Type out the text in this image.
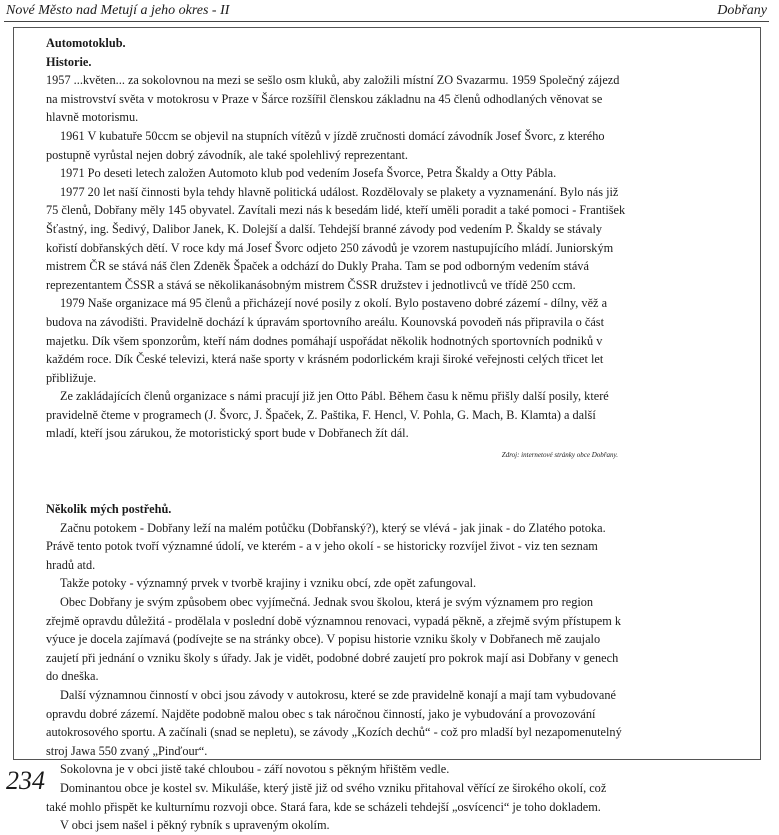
Nové Město nad Metují a jeho okres - II	Dobřany

Automotoklub.

Historie.

1957 ...květen... za sokolovnou na mezi se sešlo osm kluků, aby založili místní ZO Svazarmu. 1959 Společný zájezd na mistrovství světa v motokrosu v Praze v Šárce rozšířil členskou základnu na 45 členů odhodlaných věnovat se hlavně motorismu.

1961 V kubatuře 50ccm se objevil na stupních vítězů v jízdě zručnosti domácí závodník Josef Švorc, z kterého postupně vyrůstal nejen dobrý závodník, ale také spolehlivý reprezentant.

1971 Po deseti letech založen Automoto klub pod vedením Josefa Švorce, Petra Škaldy a Otty Pábla.

1977 20 let naší činnosti byla tehdy hlavně politická událost. Rozdělovaly se plakety a vyznamenání. Bylo nás již 75 členů, Dobřany měly 145 obyvatel. Zavítali mezi nás k besedám lidé, kteří uměli poradit a také pomoci - František Šťastný, ing. Šedivý, Dalibor Janek, K. Dolejší a další. Tehdejší branné závody pod vedením P. Škaldy se stávaly kořistí dobřanských dětí. V roce kdy má Josef Švorc odjeto 250 závodů je vzorem nastupujícího mládí. Juniorským mistrem ČR se stává náš člen Zdeněk Špaček a odchází do Dukly Praha. Tam se pod odborným vedením stává reprezentantem ČSSR a stává se několikanásobným mistrem ČSSR družstev i jednotlivců ve třídě 250 ccm.

1979 Naše organizace má 95 členů a přicházejí nové posily z okolí. Bylo postaveno dobré zázemí - dílny, věž a budova na závodišti. Pravidelně dochází k úpravám sportovního areálu. Kounovská povodeň nás připravila o část majetku. Dík všem sponzorům, kteří nám dodnes pomáhají uspořádat několik hodnotných sportovních podniků v každém roce. Dík České televizi, která naše sporty v krásném podorlickém kraji široké veřejnosti celých třicet let přibližuje.

Ze zakládajících členů organizace s námi pracují již jen Otto Pábl. Během času k němu přišly další posily, které pravidelně čteme v programech (J. Švorc, J. Špaček, Z. Paštika, F. Hencl, V. Pohla, G. Mach, B. Klamta) a další mladí, kteří jsou zárukou, že motoristický sport bude v Dobřanech žít dál.

Zdroj: internetové stránky obce Dobřany.

Několik mých postřehů.

Začnu potokem - Dobřany leží na malém potůčku (Dobřanský?), který se vlévá - jak jinak - do Zlatého potoka. Právě tento potok tvoří významné údolí, ve kterém - a v jeho okolí - se historicky rozvíjel život - viz ten seznam hradů atd.

Takže potoky - významný prvek v tvorbě krajiny i vzniku obcí, zde opět zafungoval.

Obec Dobřany je svým způsobem obec vyjímečná. Jednak svou školou, která je svým významem pro region zřejmě opravdu důležitá - prodělala v poslední době významnou renovaci, vypadá pěkně, a zřejmě svým přístupem k výuce je docela zajímavá (podívejte se na stránky obce). V popisu historie vzniku školy v Dobřanech mě zaujalo zaujetí při jednání o vzniku školy s úřady. Jak je vidět, podobné dobré zaujetí pro pokrok mají asi Dobřany v genech do dneška.

Další významnou činností v obci jsou závody v autokrosu, které se zde pravidelně konají a mají tam vybudované opravdu dobré zázemí. Najděte podobně malou obec s tak náročnou činností, jako je vybudování a provozování autokrosového sportu. A začínali (snad se nepletu), se závody „Kozích dechů“ - což pro mladší byl nezapomenutelný stroj Jawa 550 zvaný „Pinďour“.

Sokolovna je v obci jistě také chloubou - září novotou s pěkným hřištěm vedle.

Dominantou obce je kostel sv. Mikuláše, který jistě již od svého vzniku přitahoval věřící ze širokého okolí, což také mohlo přispět ke kulturnímu rozvoji obce. Stará fara, kde se scházeli tehdejší „osvícenci“ je toho dokladem.

V obci jsem našel i pěkný rybník s upraveným okolím.

234
